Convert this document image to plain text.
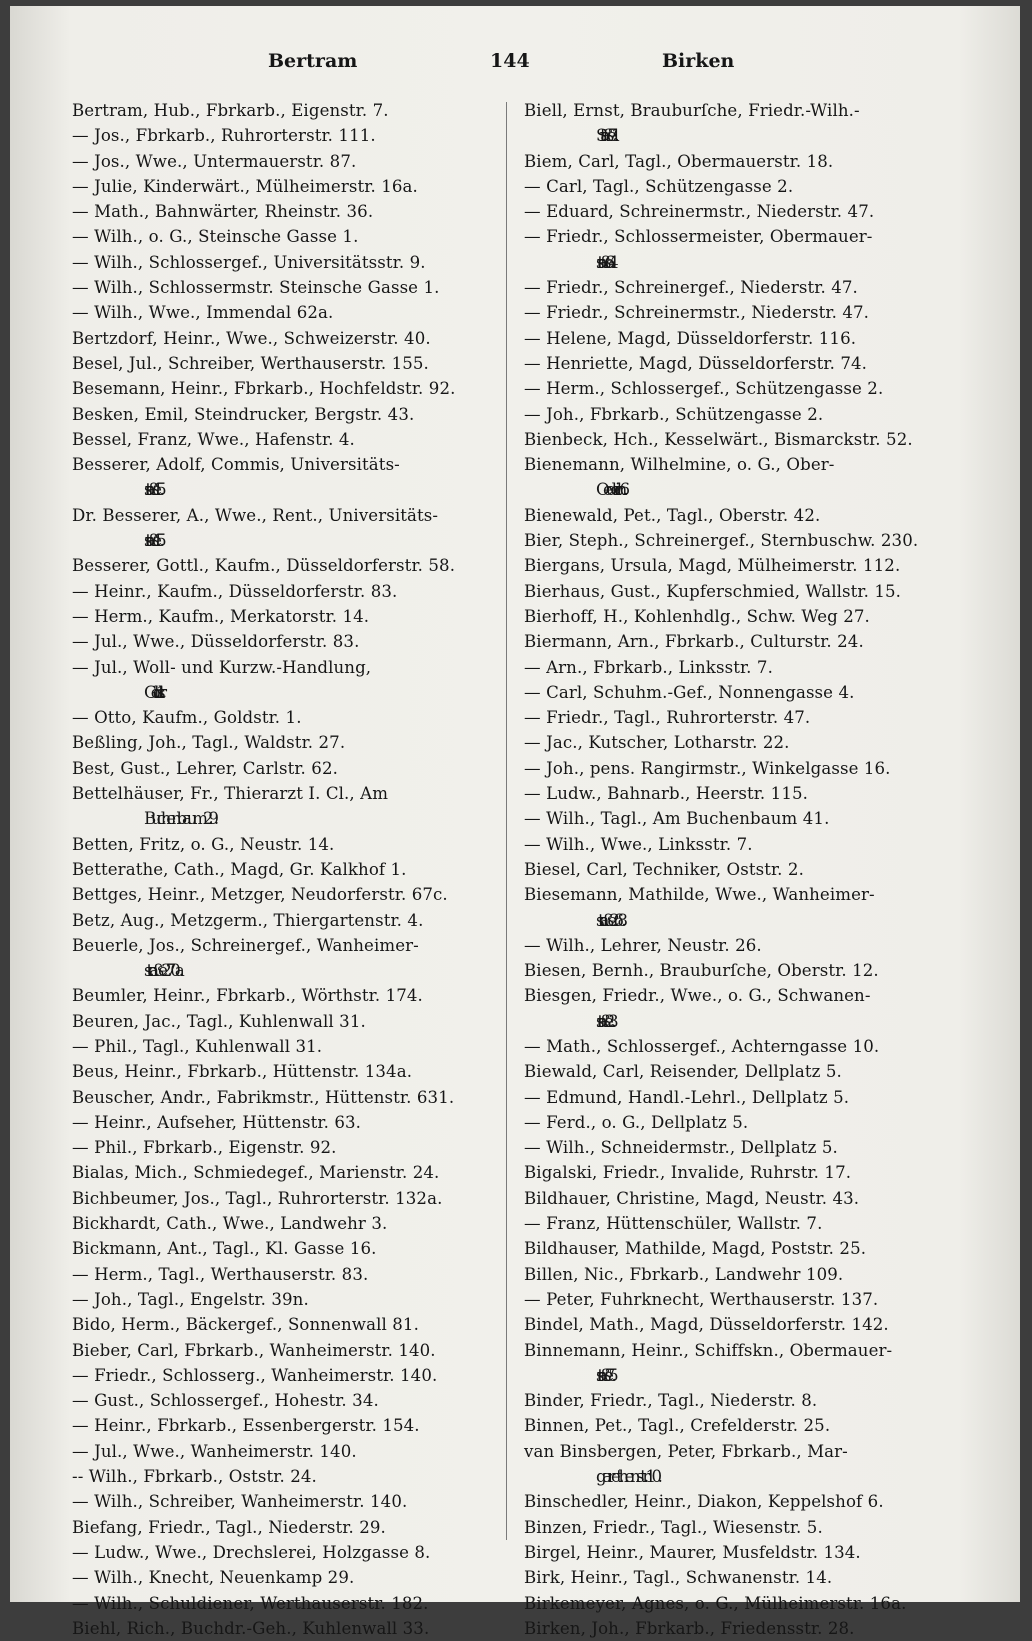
Bertram	144	Birken
Bertram, Hub., Fbrkarb., Eigenstr. 7.
— Jos., Fbrkarb., Ruhrorterstr. 111.
— Jos., Wwe., Untermauerstr. 87.
— Julie, Kinderwärt., Mülheimerstr. 16a.
— Math., Bahnwärter, Rheinstr. 36.
— Wilh., o. G., Steinsche Gasse 1.
— Wilh., Schlossergef., Universitätsstr. 9.
— Wilh., Schlossermstr. Steinsche Gasse 1.
— Wilh., Wwe., Immendal 62a.
Bertzdorf, Heinr., Wwe., Schweizerstr. 40.
Besel, Jul., Schreiber, Werthauserstr. 155.
Besemann, Heinr., Fbrkarb., Hochfeldstr. 92.
Besken, Emil, Steindrucker, Bergstr. 43.
Bessel, Franz, Wwe., Hafenstr. 4.
Besserer, Adolf, Commis, Universitäts-
straße 15.
Dr. Besserer, A., Wwe., Rent., Universitäts-
straße 15.
Besserer, Gottl., Kaufm., Düsseldorferstr. 58.
— Heinr., Kaufm., Düsseldorferstr. 83.
— Herm., Kaufm., Merkatorstr. 14.
— Jul., Wwe., Düsseldorferstr. 83.
— Jul., Woll- und Kurzw.-Handlung,
Goldstr. 1.
— Otto, Kaufm., Goldstr. 1.
Beßling, Joh., Tagl., Waldstr. 27.
Best, Gust., Lehrer, Carlstr. 62.
Bettelhäuser, Fr., Thierarzt I. Cl., Am
Buchenbaum 29.
Betten, Fritz, o. G., Neustr. 14.
Betterathe, Cath., Magd, Gr. Kalkhof 1.
Bettges, Heinr., Metzger, Neudorferstr. 67c.
Betz, Aug., Metzgerm., Thiergartenstr. 4.
Beuerle, Jos., Schreinergef., Wanheimer-
straße 270a.
Beumler, Heinr., Fbrkarb., Wörthstr. 174.
Beuren, Jac., Tagl., Kuhlenwall 31.
— Phil., Tagl., Kuhlenwall 31.
Beus, Heinr., Fbrkarb., Hüttenstr. 134a.
Beuscher, Andr., Fabrikmstr., Hüttenstr. 631.
— Heinr., Aufseher, Hüttenstr. 63.
— Phil., Fbrkarb., Eigenstr. 92.
Bialas, Mich., Schmiedegef., Marienstr. 24.
Bichbeumer, Jos., Tagl., Ruhrorterstr. 132a.
Bickhardt, Cath., Wwe., Landwehr 3.
Bickmann, Ant., Tagl., Kl. Gasse 16.
— Herm., Tagl., Werthauserstr. 83.
— Joh., Tagl., Engelstr. 39n.
Bido, Herm., Bäckergef., Sonnenwall 81.
Bieber, Carl, Fbrkarb., Wanheimerstr. 140.
— Friedr., Schlosserg., Wanheimerstr. 140.
— Gust., Schlossergef., Hohestr. 34.
— Heinr., Fbrkarb., Essenbergerstr. 154.
— Jul., Wwe., Wanheimerstr. 140.
-- Wilh., Fbrkarb., Oststr. 24.
— Wilh., Schreiber, Wanheimerstr. 140.
Biefang, Friedr., Tagl., Niederstr. 29.
— Ludw., Wwe., Drechslerei, Holzgasse 8.
— Wilh., Knecht, Neuenkamp 29.
— Wilh., Schuldiener, Werthauserstr. 182.
Biehl, Rich., Buchdr.-Geh., Kuhlenwall 33.
Biell, Ernst, Brauburſche, Friedr.-Wilh.-
Straße 71.
Biem, Carl, Tagl., Obermauerstr. 18.
— Carl, Tagl., Schützengasse 2.
— Eduard, Schreinermstr., Niederstr. 47.
— Friedr., Schlossermeister, Obermauer-
straße 64.
— Friedr., Schreinergef., Niederstr. 47.
— Friedr., Schreinermstr., Niederstr. 47.
— Helene, Magd, Düsseldorferstr. 116.
— Henriette, Magd, Düsseldorferstr. 74.
— Herm., Schlossergef., Schützengasse 2.
— Joh., Fbrkarb., Schützengasse 2.
Bienbeck, Hch., Kesselwärt., Bismarckstr. 52.
Bienemann, Wilhelmine, o. G., Ober-
Oederich 6.
Bienewald, Pet., Tagl., Oberstr. 42.
Bier, Steph., Schreinergef., Sternbuschw. 230.
Biergans, Ursula, Magd, Mülheimerstr. 112.
Bierhaus, Gust., Kupferschmied, Wallstr. 15.
Bierhoff, H., Kohlenhdlg., Schw. Weg 27.
Biermann, Arn., Fbrkarb., Culturstr. 24.
— Arn., Fbrkarb., Linksstr. 7.
— Carl, Schuhm.-Gef., Nonnengasse 4.
— Friedr., Tagl., Ruhrorterstr. 47.
— Jac., Kutscher, Lotharstr. 22.
— Joh., pens. Rangirmstr., Winkelgasse 16.
— Ludw., Bahnarb., Heerstr. 115.
— Wilh., Tagl., Am Buchenbaum 41.
— Wilh., Wwe., Linksstr. 7.
Biesel, Carl, Techniker, Oststr. 2.
Biesemann, Mathilde, Wwe., Wanheimer-
straße 268.
— Wilh., Lehrer, Neustr. 26.
Biesen, Bernh., Brauburſche, Oberstr. 12.
Biesgen, Friedr., Wwe., o. G., Schwanen-
straße 23.
— Math., Schlossergef., Achterngasse 10.
Biewald, Carl, Reisender, Dellplatz 5.
— Edmund, Handl.-Lehrl., Dellplatz 5.
— Ferd., o. G., Dellplatz 5.
— Wilh., Schneidermstr., Dellplatz 5.
Bigalski, Friedr., Invalide, Ruhrstr. 17.
Bildhauer, Christine, Magd, Neustr. 43.
— Franz, Hüttenschüler, Wallstr. 7.
Bildhauser, Mathilde, Magd, Poststr. 25.
Billen, Nic., Fbrkarb., Landwehr 109.
— Peter, Fuhrknecht, Werthauserstr. 137.
Bindel, Math., Magd, Düsseldorferstr. 142.
Binnemann, Heinr., Schiffskn., Obermauer-
straße 75.
Binder, Friedr., Tagl., Niederstr. 8.
Binnen, Pet., Tagl., Crefelderstr. 25.
van Binsbergen, Peter, Fbrkarb., Mar-
garethenstr. 10.
Binschedler, Heinr., Diakon, Keppelshof 6.
Binzen, Friedr., Tagl., Wiesenstr. 5.
Birgel, Heinr., Maurer, Musfeldstr. 134.
Birk, Heinr., Tagl., Schwanenstr. 14.
Birkemeyer, Agnes, o. G., Mülheimerstr. 16a.
Birken, Joh., Fbrkarb., Friedensstr. 28.
